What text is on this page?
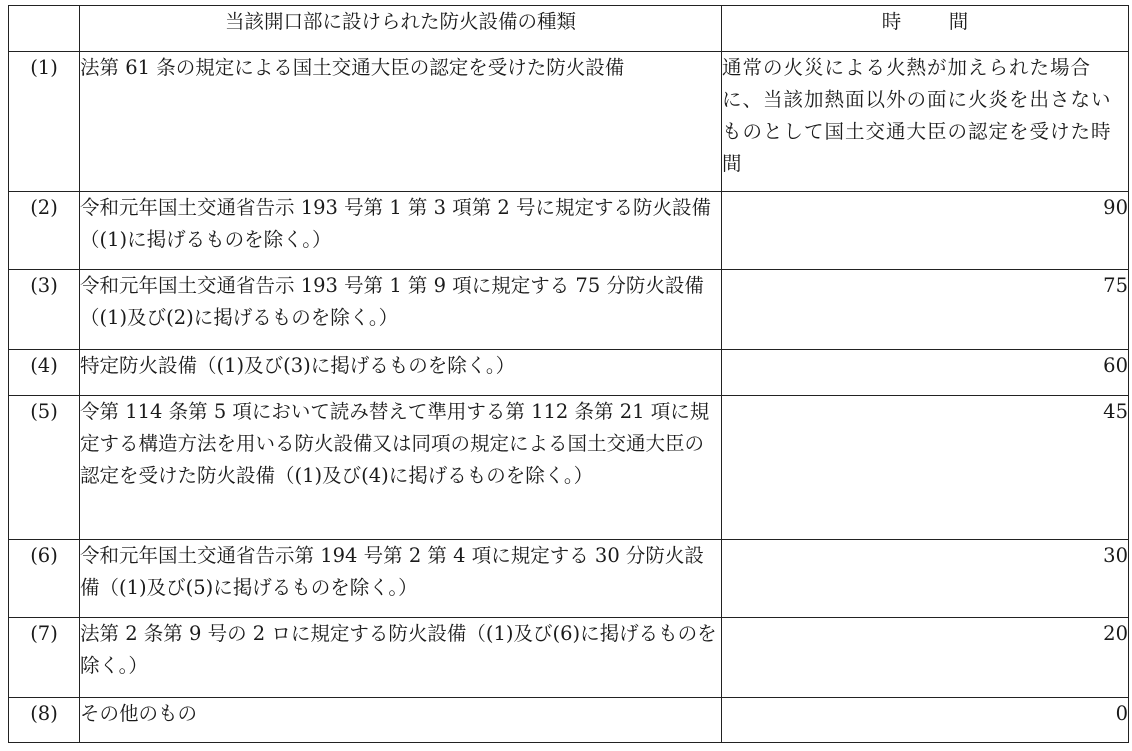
	当該開口部に設けられた防火設備の種類	時　間
(1)	法第 61 条の規定による国土交通大臣の認定を受けた防火設備	通常の火災による火熱が加えられた場合に、当該加熱面以外の面に火炎を出さないものとして国土交通大臣の認定を受けた時間
(2)	令和元年国土交通省告示 193 号第 1 第 3 項第 2 号に規定する防火設備（(1)に掲げるものを除く。）	90
(3)	令和元年国土交通省告示 193 号第 1 第 9 項に規定する 75 分防火設備（(1)及び(2)に掲げるものを除く。）	75
(4)	特定防火設備（(1)及び(3)に掲げるものを除く。）	60
(5)	令第 114 条第 5 項において読み替えて準用する第 112 条第 21 項に規定する構造方法を用いる防火設備又は同項の規定による国土交通大臣の認定を受けた防火設備（(1)及び(4)に掲げるものを除く。）	45
(6)	令和元年国土交通省告示第 194 号第 2 第 4 項に規定する 30 分防火設備（(1)及び(5)に掲げるものを除く。）	30
(7)	法第 2 条第 9 号の 2 ロに規定する防火設備（(1)及び(6)に掲げるものを除く。）	20
(8)	その他のもの	0
